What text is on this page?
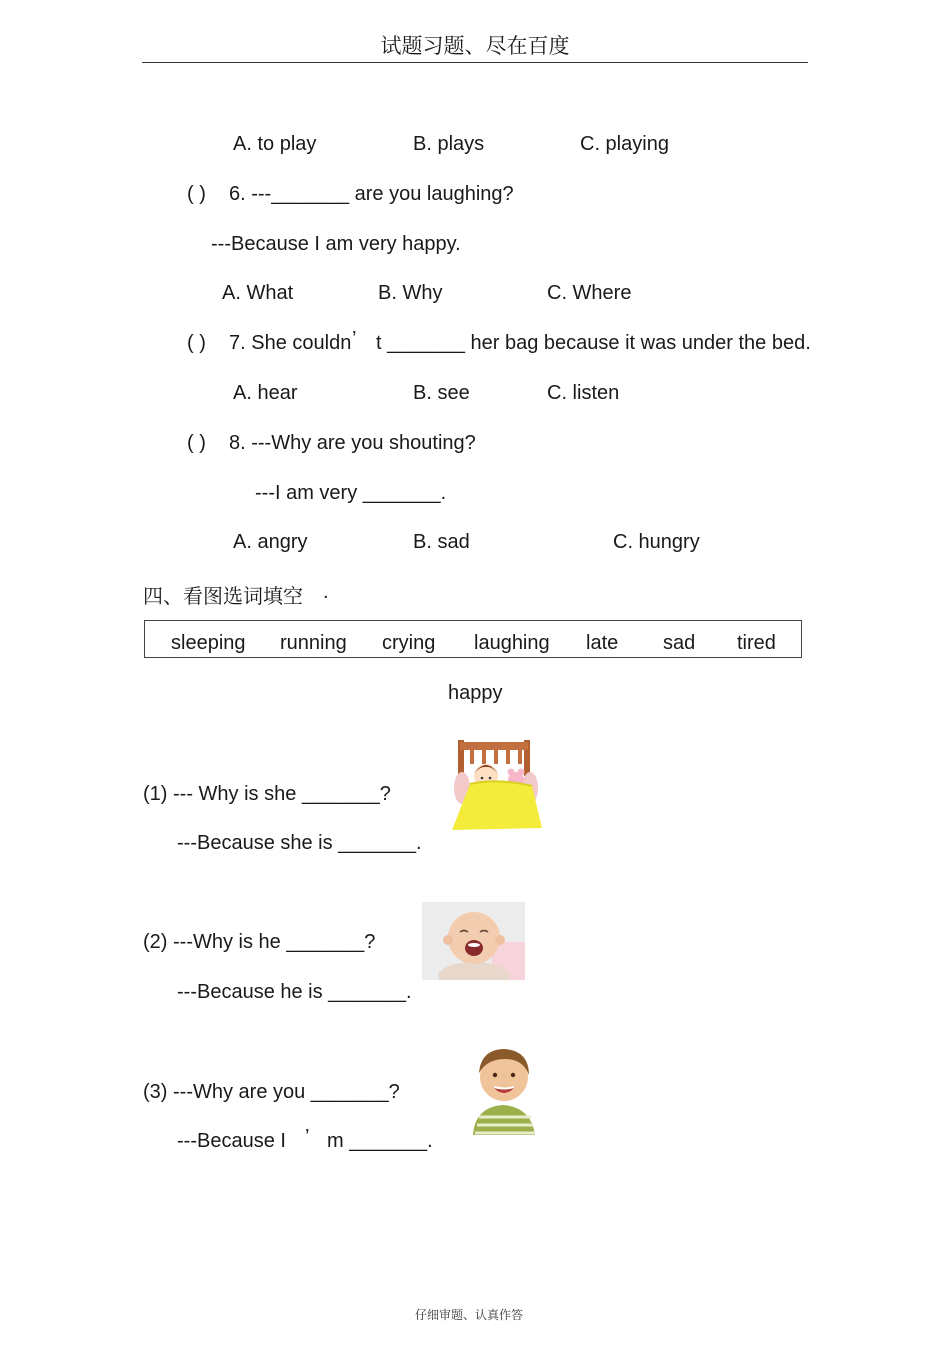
试题习题、尽在百度
A. to play	B. plays	C. playing
( ) 6. ---_______ are you laughing?
---Because I am very happy.
A. What	B. Why	C. Where
( ) 7. She couldn ’ t _______ her bag because it was under the bed.
A. hear	B. see	C. listen
( ) 8. ---Why are you shouting?
---I am very _______.
A. angry	B. sad	C. hungry
四、看图选词填空 .
sleeping running crying laughing late sad tired
happy
(1) --- Why is she _______?
---Because she is _______.
(2) ---Why is he _______?
---Because he is _______.
(3) ---Why are you _______?
---Because I ’ m _______.
仔细审题、认真作答
